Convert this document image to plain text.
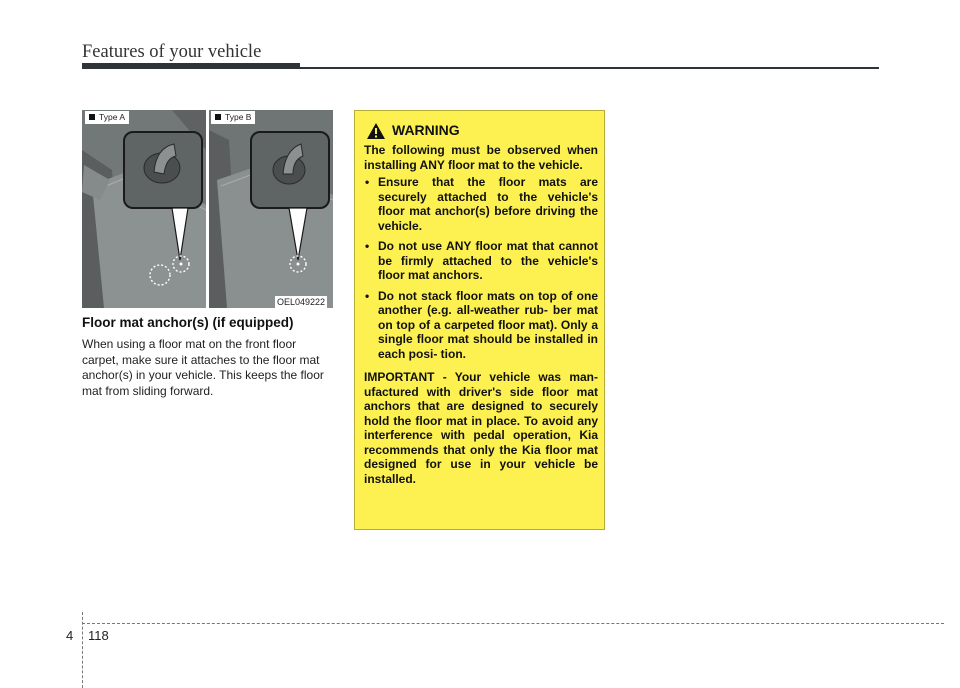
Features of your vehicle
Type A	Type B
OEL049222
Floor mat anchor(s) (if equipped)
When using a floor mat on the front floor carpet, make sure it attaches to the floor mat anchor(s) in your vehicle. This keeps the floor mat from sliding forward.
WARNING
The following must be observed when installing ANY floor mat to the vehicle.
• Ensure that the floor mats are securely attached to the vehicle's floor mat anchor(s) before driving the vehicle.
• Do not use ANY floor mat that cannot be firmly attached to the vehicle's floor mat anchors.
• Do not stack floor mats on top of one another (e.g. all-weather rub- ber mat on top of a carpeted floor mat). Only a single floor mat should be installed in each posi- tion.
IMPORTANT - Your vehicle was man- ufactured with driver's side floor mat anchors that are designed to securely hold the floor mat in place. To avoid any interference with pedal operation, Kia recommends that only the Kia floor mat designed for use in your vehicle be installed.
4 118
